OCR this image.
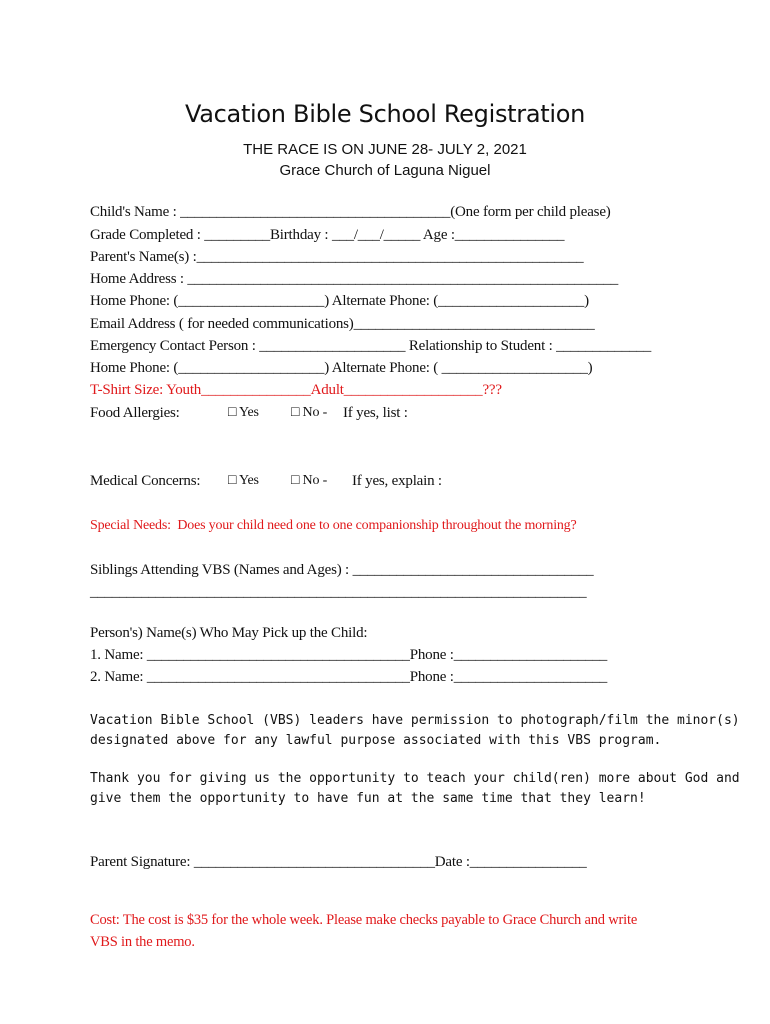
Vacation Bible School Registration
THE RACE IS ON JUNE 28- JULY 2, 2021
Grace Church of Laguna Niguel
Child's Name : _____________________________________(One form per child please)
Grade Completed : _________Birthday : ___/___/_____ Age :_______________
Parent's Name(s) :_____________________________________________________
Home Address : ___________________________________________________________
Home Phone: (____________________) Alternate Phone: (____________________)
Email Address ( for needed communications)_________________________________
Emergency Contact Person : ____________________ Relationship to Student : _____________
Home Phone: (____________________) Alternate Phone: ( ____________________)
T-Shirt Size: Youth_______________Adult___________________???
Food Allergies:	□ Yes □ No - If yes, list :
Medical Concerns: □ Yes □ No - If yes, explain :
Special Needs:  Does your child need one to one companionship throughout the morning?
Siblings Attending VBS (Names and Ages) : _________________________________
____________________________________________________________________
Person's) Name(s) Who May Pick up the Child:
1. Name: ____________________________________Phone :_____________________
2. Name: ____________________________________Phone :_____________________
Vacation Bible School (VBS) leaders have permission to photograph/film the minor(s)
designated above for any lawful purpose associated with this VBS program.
Thank you for giving us the opportunity to teach your child(ren) more about God and
give them the opportunity to have fun at the same time that they learn!
Parent Signature: _________________________________Date :________________
Cost: The cost is $35 for the whole week. Please make checks payable to Grace Church and write
VBS in the memo.
